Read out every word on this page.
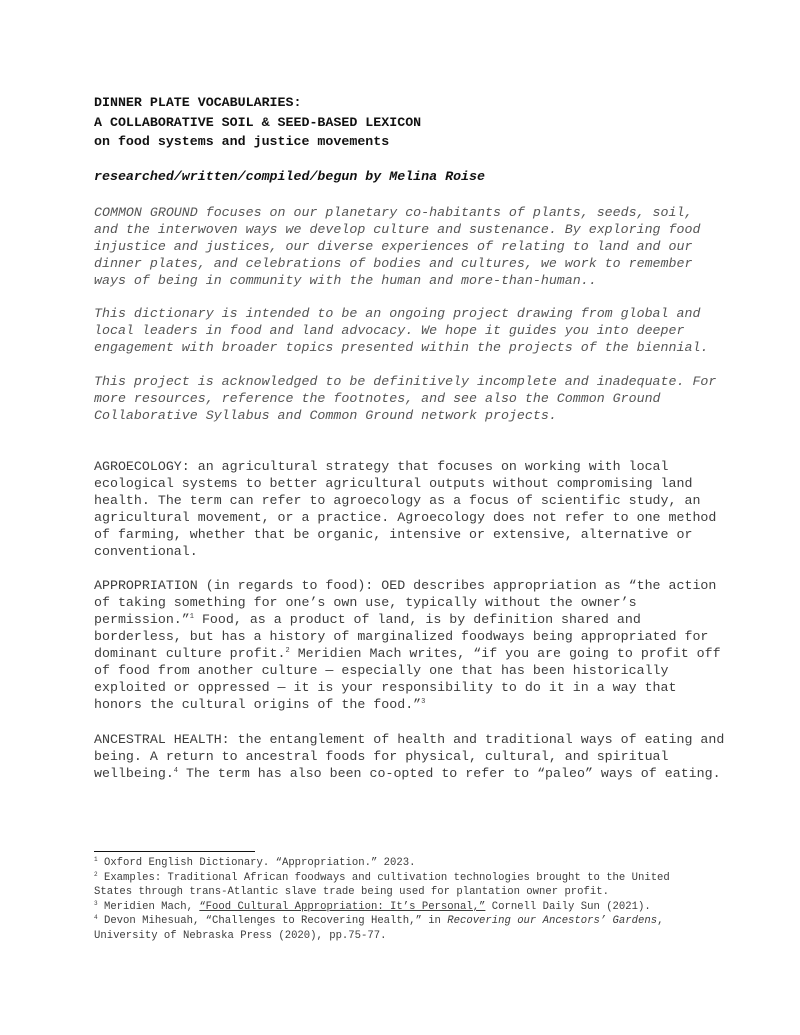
DINNER PLATE VOCABULARIES:
A COLLABORATIVE SOIL & SEED-BASED LEXICON
on food systems and justice movements
researched/written/compiled/begun by Melina Roise
COMMON GROUND focuses on our planetary co-habitants of plants, seeds, soil,
and the interwoven ways we develop culture and sustenance. By exploring food
injustice and justices, our diverse experiences of relating to land and our
dinner plates, and celebrations of bodies and cultures, we work to remember
ways of being in community with the human and more-than-human..
This dictionary is intended to be an ongoing project drawing from global and
local leaders in food and land advocacy. We hope it guides you into deeper
engagement with broader topics presented within the projects of the biennial.
This project is acknowledged to be definitively incomplete and inadequate. For
more resources, reference the footnotes, and see also the Common Ground
Collaborative Syllabus and Common Ground network projects.
AGROECOLOGY: an agricultural strategy that focuses on working with local
ecological systems to better agricultural outputs without compromising land
health. The term can refer to agroecology as a focus of scientific study, an
agricultural movement, or a practice. Agroecology does not refer to one method
of farming, whether that be organic, intensive or extensive, alternative or
conventional.
APPROPRIATION (in regards to food): OED describes appropriation as “the action
of taking something for one’s own use, typically without the owner’s
permission.”$^1$ Food, as a product of land, is by definition shared and
borderless, but has a history of marginalized foodways being appropriated for
dominant culture profit.$^2$ Meridien Mach writes, “if you are going to profit off
of food from another culture — especially one that has been historically
exploited or oppressed — it is your responsibility to do it in a way that
honors the cultural origins of the food.”$^3$
ANCESTRAL HEALTH: the entanglement of health and traditional ways of eating and
being. A return to ancestral foods for physical, cultural, and spiritual
wellbeing.$^4$ The term has also been co-opted to refer to “paleo” ways of eating.
$^1$ Oxford English Dictionary. “Appropriation.” 2023.
$^2$ Examples: Traditional African foodways and cultivation technologies brought to the United
States through trans-Atlantic slave trade being used for plantation owner profit.
$^3$ Meridien Mach, “Food Cultural Appropriation: It’s Personal,” Cornell Daily Sun (2021).
$^4$ Devon Mihesuah, “Challenges to Recovering Health,” in Recovering our Ancestors’ Gardens,
University of Nebraska Press (2020), pp.75-77.
